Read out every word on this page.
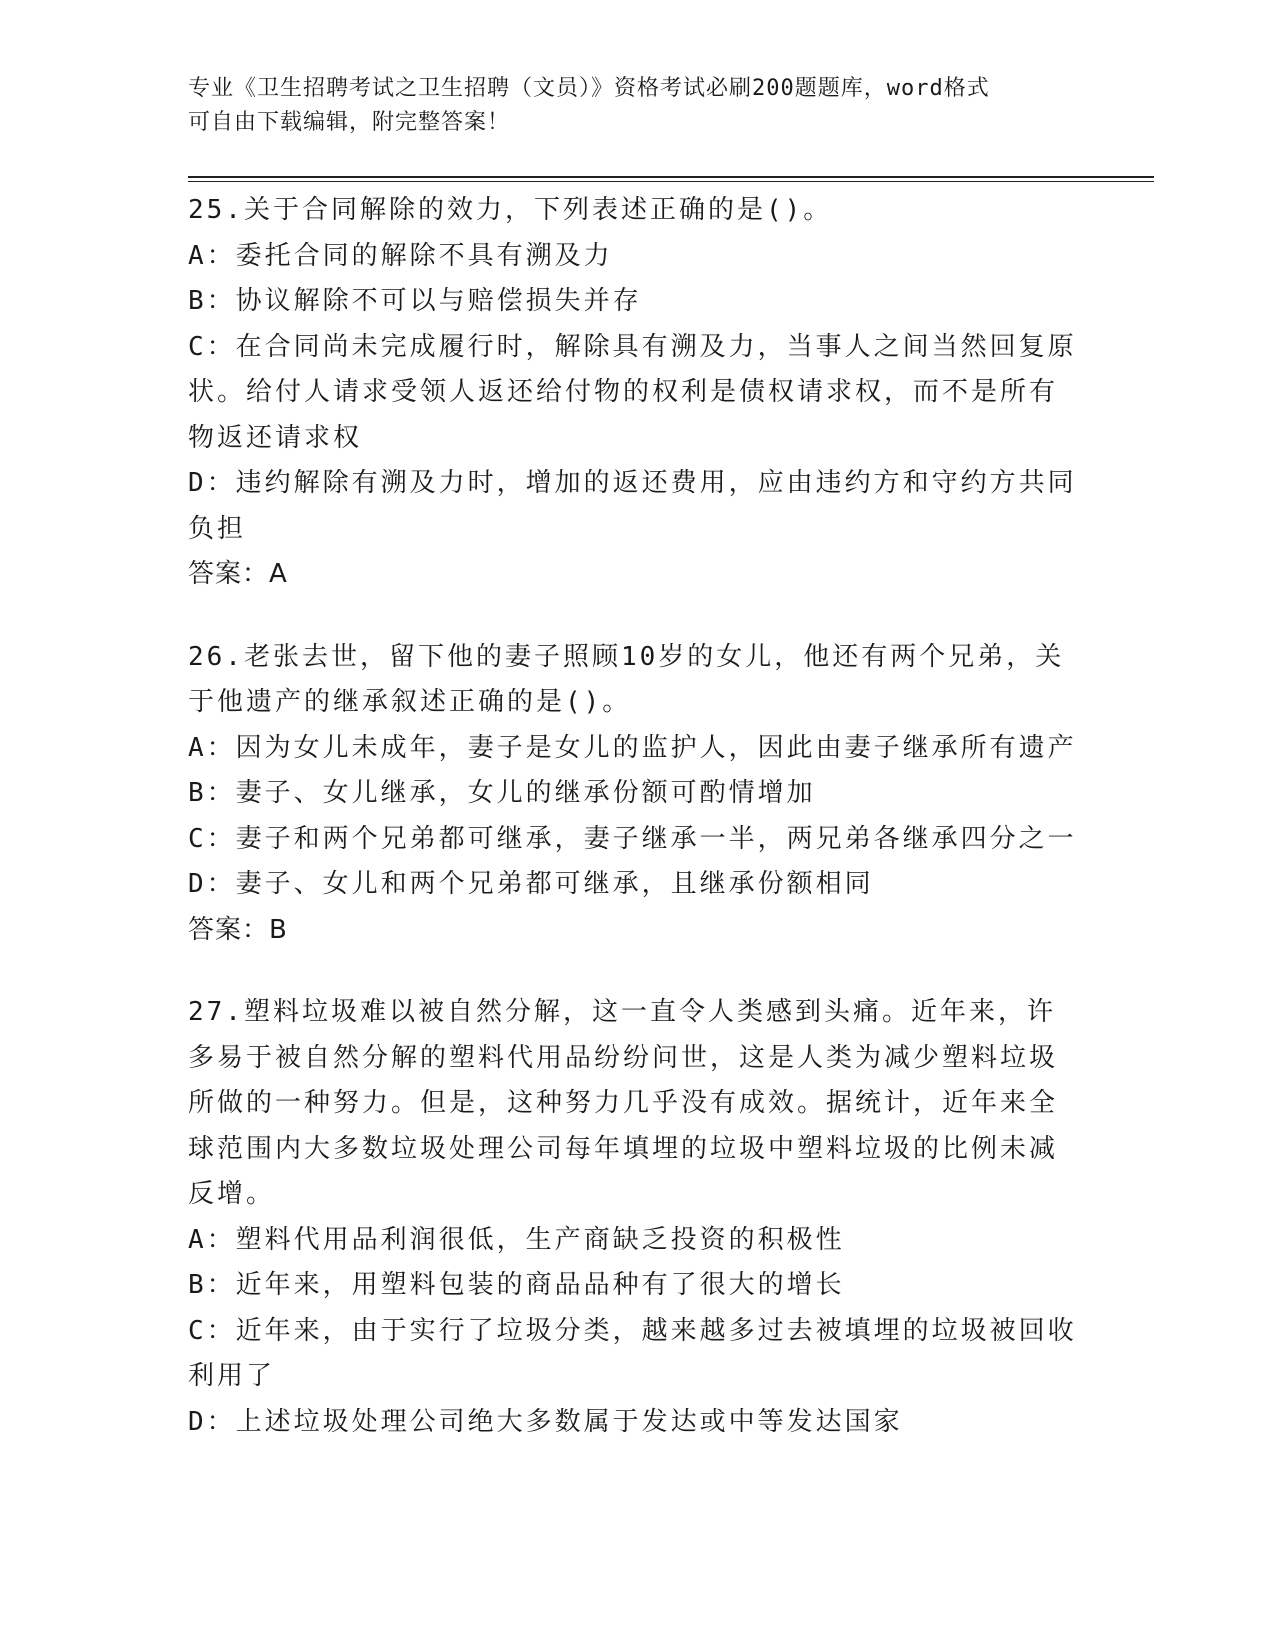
专业《卫生招聘考试之卫生招聘（文员）》资格考试必刷200题题库，word格式
可自由下载编辑，附完整答案！

25.关于合同解除的效力，下列表述正确的是()。

A：委托合同的解除不具有溯及力

B：协议解除不可以与赔偿损失并存

C：在合同尚未完成履行时，解除具有溯及力，当事人之间当然回复原状。给付人请求受领人返还给付物的权利是债权请求权，而不是所有物返还请求权

D：违约解除有溯及力时，增加的返还费用，应由违约方和守约方共同负担

答案：A

26.老张去世，留下他的妻子照顾10岁的女儿，他还有两个兄弟，关于他遗产的继承叙述正确的是()。

A：因为女儿未成年，妻子是女儿的监护人，因此由妻子继承所有遗产

B：妻子、女儿继承，女儿的继承份额可酌情增加

C：妻子和两个兄弟都可继承，妻子继承一半，两兄弟各继承四分之一

D：妻子、女儿和两个兄弟都可继承，且继承份额相同

答案：B

27.塑料垃圾难以被自然分解，这一直令人类感到头痛。近年来，许多易于被自然分解的塑料代用品纷纷问世，这是人类为减少塑料垃圾所做的一种努力。但是，这种努力几乎没有成效。据统计，近年来全球范围内大多数垃圾处理公司每年填埋的垃圾中塑料垃圾的比例未减反增。

A：塑料代用品利润很低，生产商缺乏投资的积极性

B：近年来，用塑料包装的商品品种有了很大的增长

C：近年来，由于实行了垃圾分类，越来越多过去被填埋的垃圾被回收利用了

D：上述垃圾处理公司绝大多数属于发达或中等发达国家
